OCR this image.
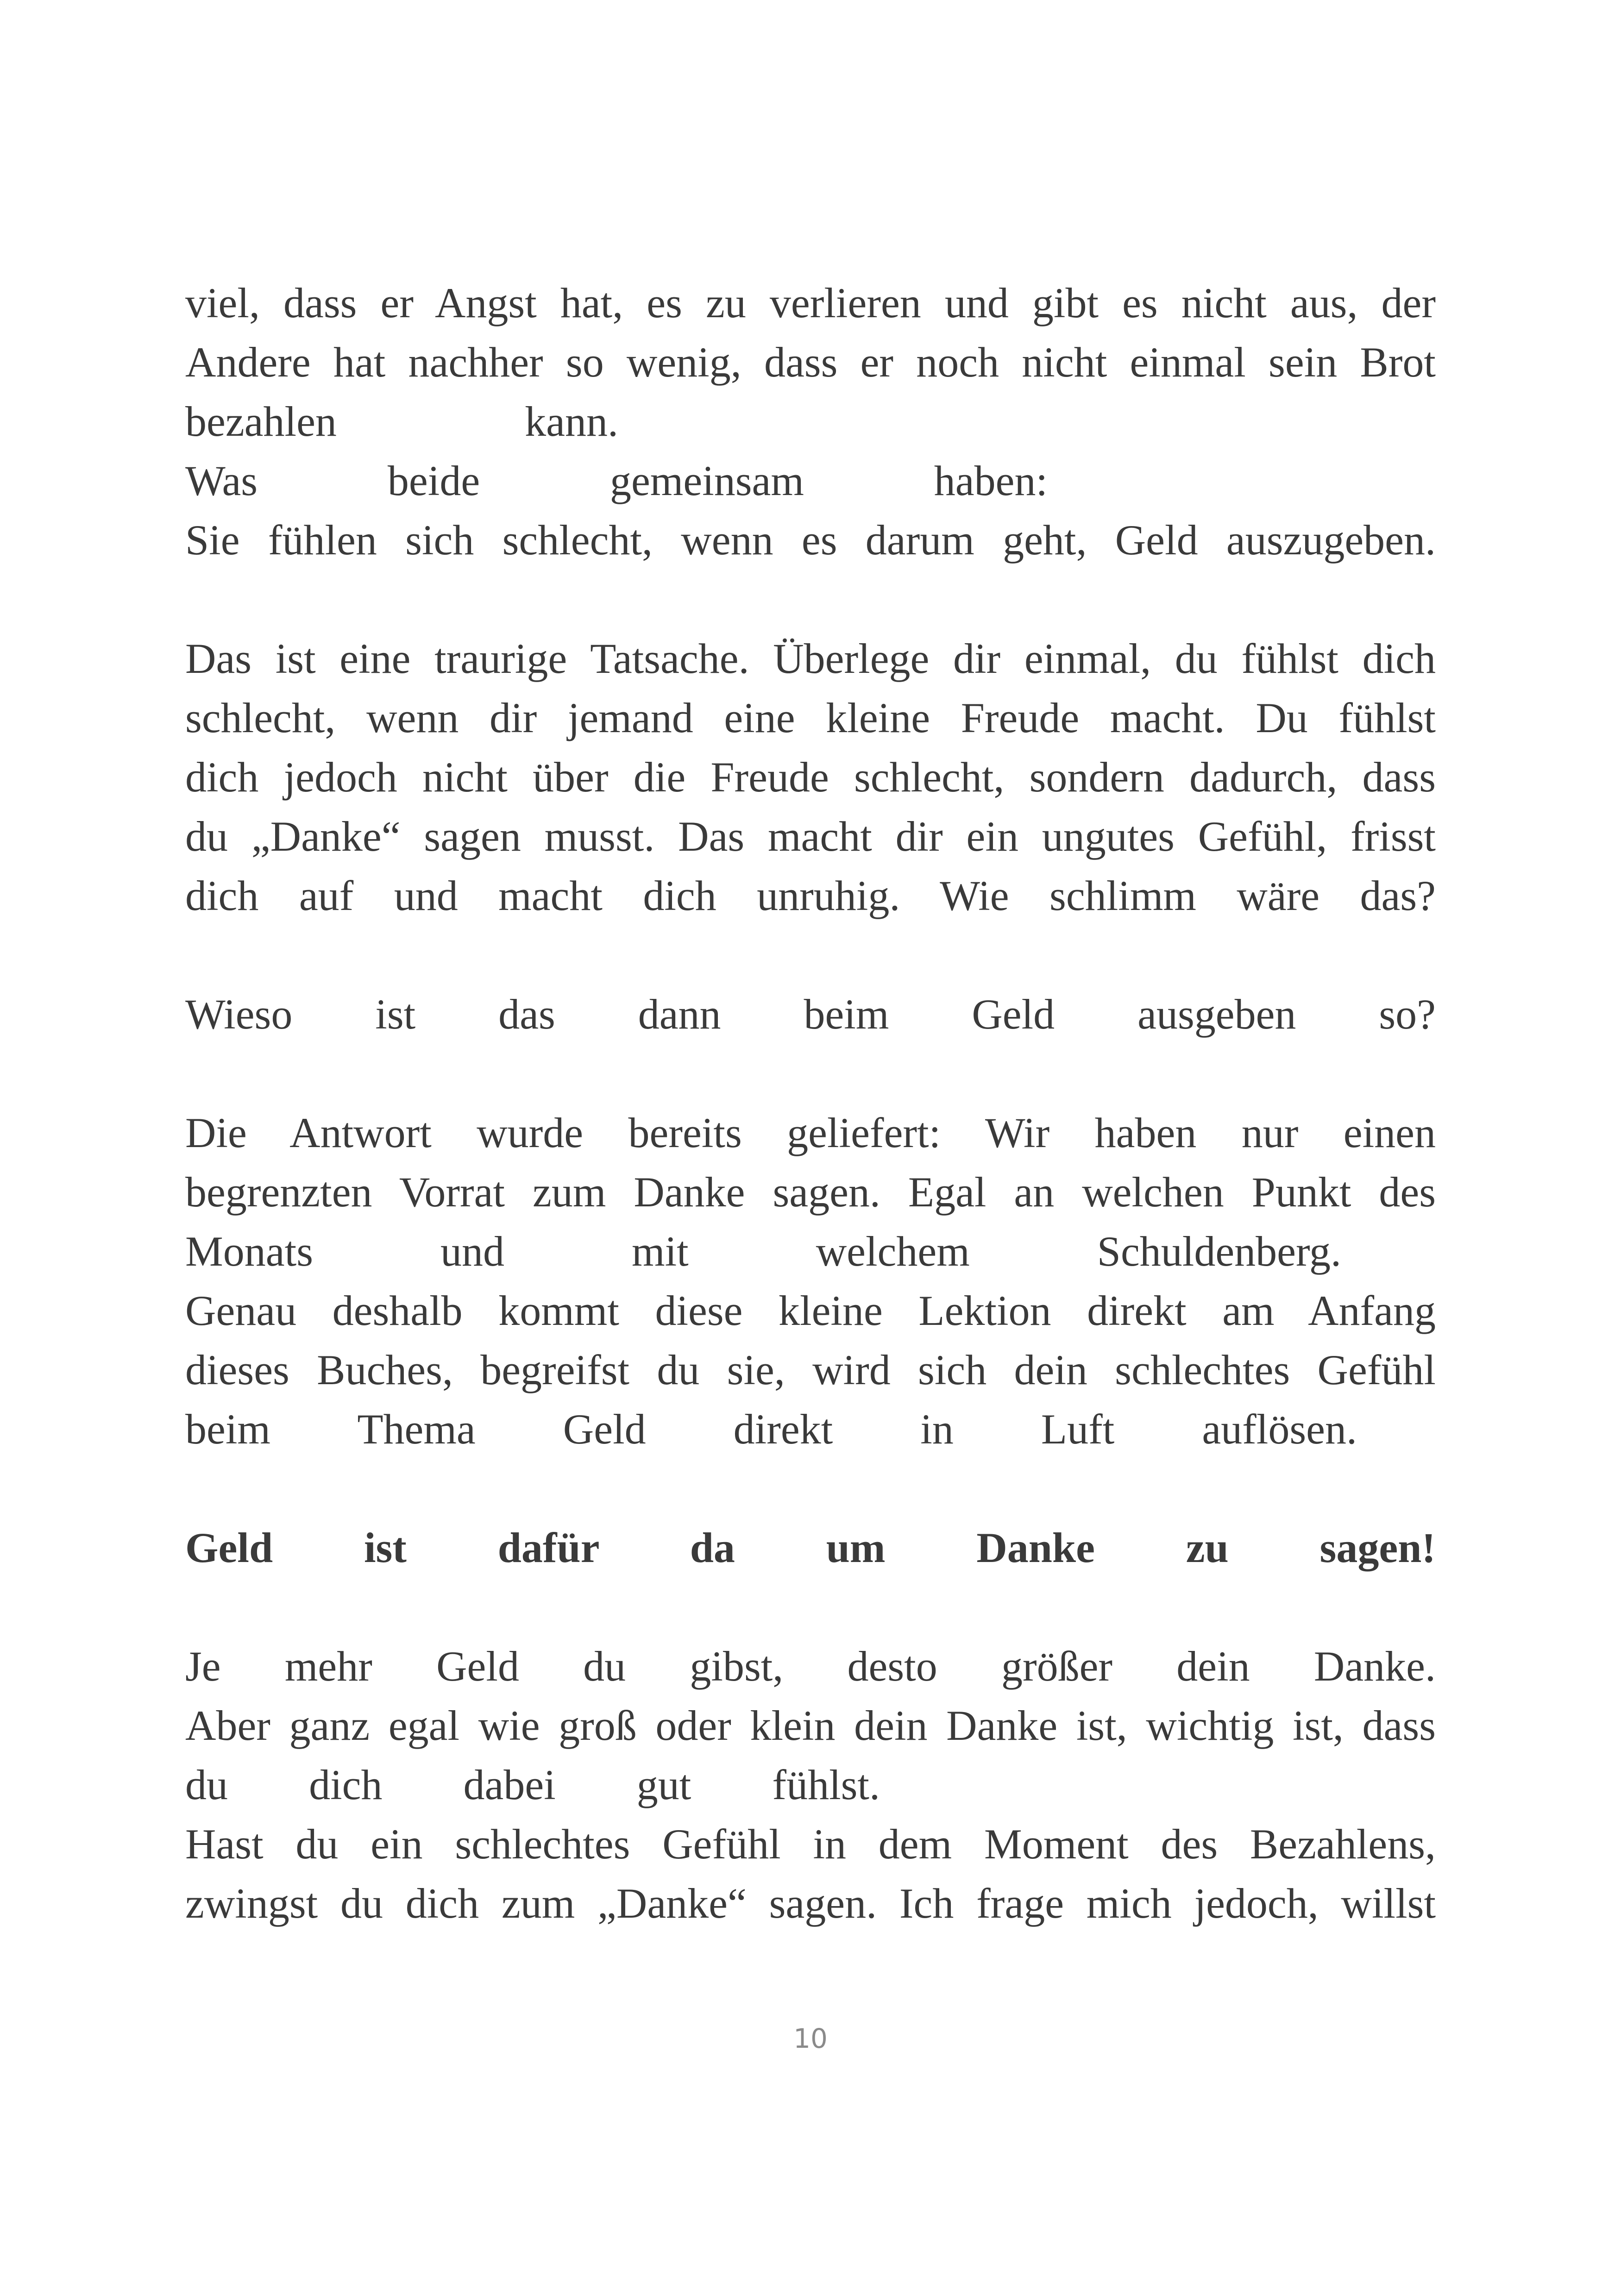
viel, dass er Angst hat, es zu verlieren und gibt es nicht aus, der
Andere hat nachher so wenig, dass er noch nicht einmal sein Brot
bezahlen kann.
Was beide gemeinsam haben:
Sie fühlen sich schlecht, wenn es darum geht, Geld auszugeben.
Das ist eine traurige Tatsache. Überlege dir einmal, du fühlst dich
schlecht, wenn dir jemand eine kleine Freude macht. Du fühlst
dich jedoch nicht über die Freude schlecht, sondern dadurch, dass
du „Danke“ sagen musst. Das macht dir ein ungutes Gefühl, frisst
dich auf und macht dich unruhig. Wie schlimm wäre das?
Wieso ist das dann beim Geld ausgeben so?
Die Antwort wurde bereits geliefert: Wir haben nur einen
begrenzten Vorrat zum Danke sagen. Egal an welchen Punkt des
Monats und mit welchem Schuldenberg.
Genau deshalb kommt diese kleine Lektion direkt am Anfang
dieses Buches, begreifst du sie, wird sich dein schlechtes Gefühl
beim Thema Geld direkt in Luft auflösen.
Geld ist dafür da um Danke zu sagen!
Je mehr Geld du gibst, desto größer dein Danke.
Aber ganz egal wie groß oder klein dein Danke ist, wichtig ist, dass
du dich dabei gut fühlst.
Hast du ein schlechtes Gefühl in dem Moment des Bezahlens,
zwingst du dich zum „Danke“ sagen. Ich frage mich jedoch, willst
10
